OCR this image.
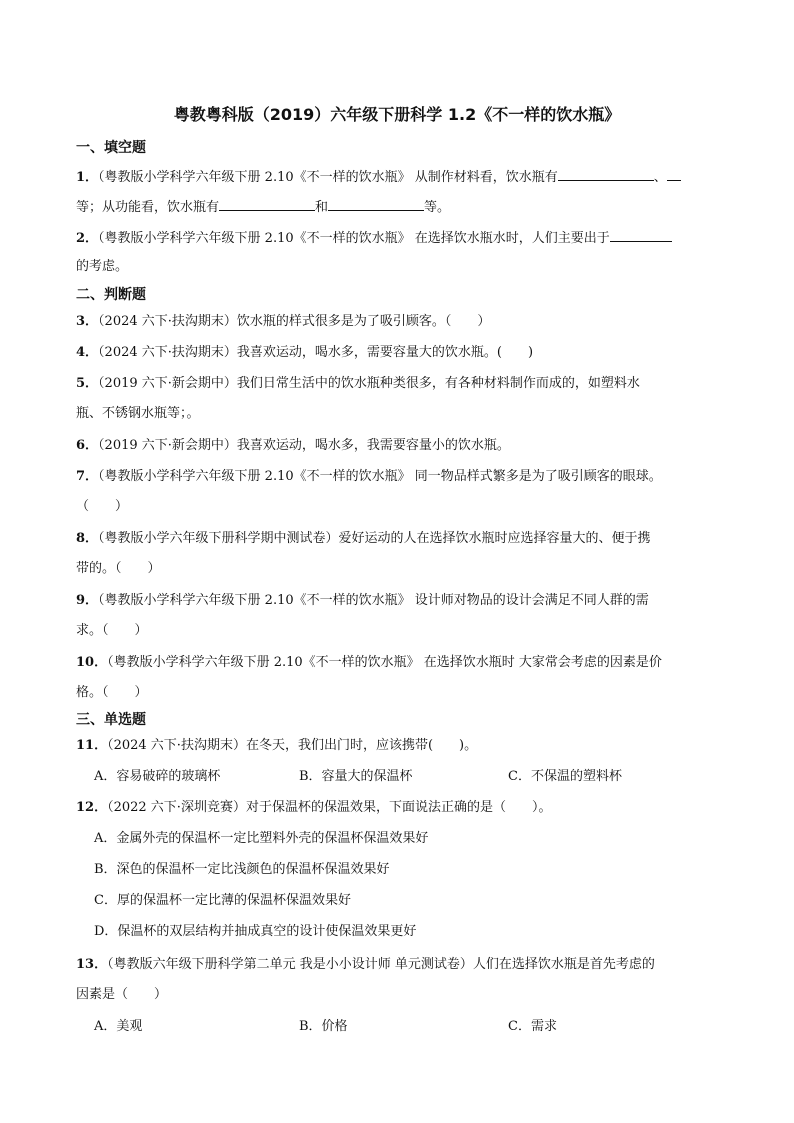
粤教粤科版（2019）六年级下册科学 1.2《不一样的饮水瓶》
一、填空题
1．（粤教版小学科学六年级下册 2.10《不一样的饮水瓶》 从制作材料看，饮水瓶有	、
等；从功能看，饮水瓶有	和	等。
2．（粤教版小学科学六年级下册 2.10《不一样的饮水瓶》 在选择饮水瓶水时，人们主要出于
的考虑。
二、判断题
3．（2024 六下·扶沟期末）饮水瓶的样式很多是为了吸引顾客。（　　）
4．（2024 六下·扶沟期末）我喜欢运动，喝水多，需要容量大的饮水瓶。(　　)
5．（2019 六下·新会期中）我们日常生活中的饮水瓶种类很多，有各种材料制作而成的，如塑料水
瓶、不锈钢水瓶等；。
6．（2019 六下·新会期中）我喜欢运动，喝水多，我需要容量小的饮水瓶。
7．（粤教版小学科学六年级下册 2.10《不一样的饮水瓶》 同一物品样式繁多是为了吸引顾客的眼球。
（　　）
8．（粤教版小学六年级下册科学期中测试卷）爱好运动的人在选择饮水瓶时应选择容量大的、便于携
带的。（　　）
9．（粤教版小学科学六年级下册 2.10《不一样的饮水瓶》 设计师对物品的设计会满足不同人群的需
求。（　　）
10．（粤教版小学科学六年级下册 2.10《不一样的饮水瓶》 在选择饮水瓶时 大家常会考虑的因素是价
格。（　　）
三、单选题
11．（2024 六下·扶沟期末）在冬天，我们出门时，应该携带(　　)。
A．容易破碎的玻璃杯	B．容量大的保温杯	C．不保温的塑料杯
12．（2022 六下·深圳竞赛）对于保温杯的保温效果，下面说法正确的是（　　）。
A．金属外壳的保温杯一定比塑料外壳的保温杯保温效果好
B．深色的保温杯一定比浅颜色的保温杯保温效果好
C．厚的保温杯一定比薄的保温杯保温效果好
D．保温杯的双层结构并抽成真空的设计使保温效果更好
13．（粤教版六年级下册科学第二单元 我是小小设计师 单元测试卷）人们在选择饮水瓶是首先考虑的
因素是（　　）
A．美观	B．价格	C．需求
